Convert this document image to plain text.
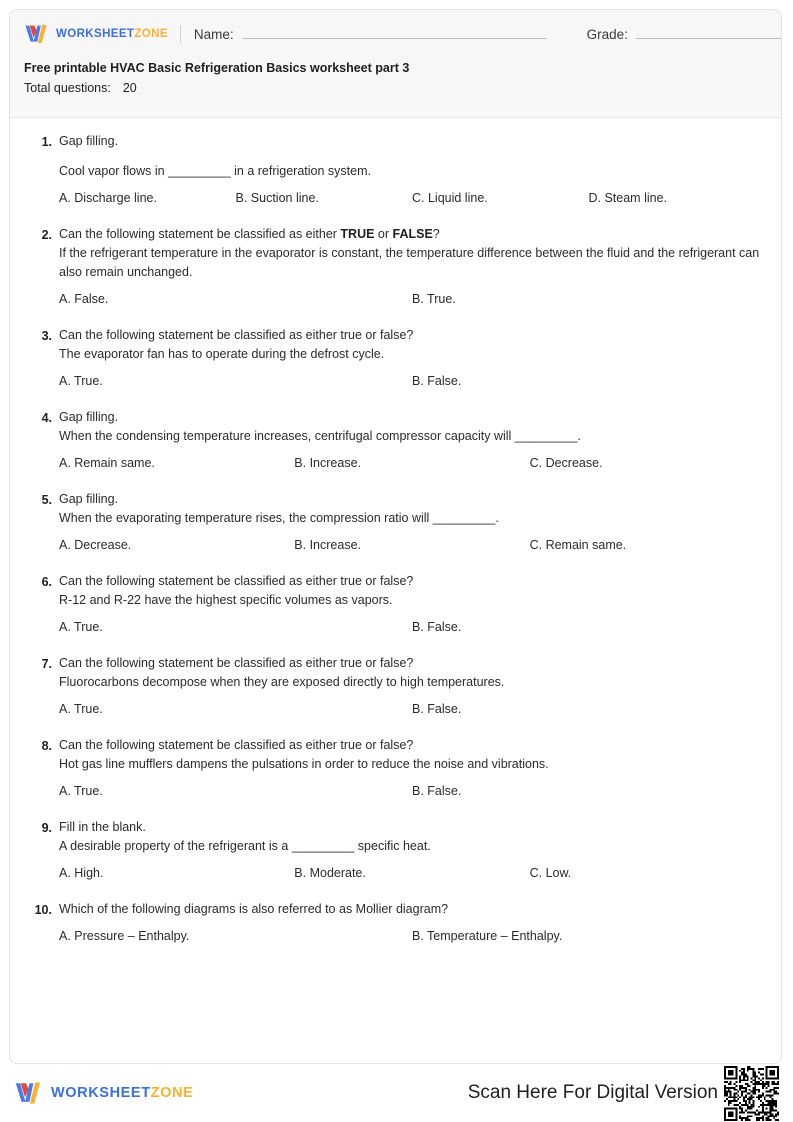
WORKSHEETZONE Name:	Grade:
Free printable HVAC Basic Refrigeration Basics worksheet part 3
Total questions: 20
1. Gap filling.
Cool vapor flows in _________ in a refrigeration system.
A. Discharge line.	B. Suction line.	C. Liquid line.	D. Steam line.
2. Can the following statement be classified as either TRUE or FALSE?
If the refrigerant temperature in the evaporator is constant, the temperature difference between the fluid and the refrigerant can also remain unchanged.
A. False.	B. True.
3. Can the following statement be classified as either true or false?
The evaporator fan has to operate during the defrost cycle.
A. True.	B. False.
4. Gap filling.
When the condensing temperature increases, centrifugal compressor capacity will _________.
A. Remain same.	B. Increase.	C. Decrease.
5. Gap filling.
When the evaporating temperature rises, the compression ratio will _________.
A. Decrease.	B. Increase.	C. Remain same.
6. Can the following statement be classified as either true or false?
R-12 and R-22 have the highest specific volumes as vapors.
A. True.	B. False.
7. Can the following statement be classified as either true or false?
Fluorocarbons decompose when they are exposed directly to high temperatures.
A. True.	B. False.
8. Can the following statement be classified as either true or false?
Hot gas line mufflers dampens the pulsations in order to reduce the noise and vibrations.
A. True.	B. False.
9. Fill in the blank.
A desirable property of the refrigerant is a _________ specific heat.
A. High.	B. Moderate.	C. Low.
10. Which of the following diagrams is also referred to as Mollier diagram?
A. Pressure – Enthalpy.	B. Temperature – Enthalpy.
WORKSHEETZONE	Scan Here For Digital Version
